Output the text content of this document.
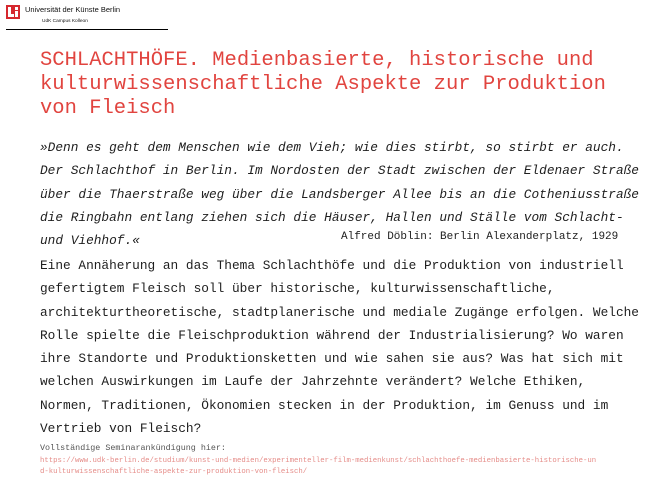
Universität der Künste Berlin
UdK Campus Kolleon
SCHLACHTHÖFE. Medienbasierte, historische und kulturwissenschaftliche Aspekte zur Produktion von Fleisch
»Denn es geht dem Menschen wie dem Vieh; wie dies stirbt, so stirbt er auch. Der Schlachthof in Berlin. Im Nordosten der Stadt zwischen der Eldenaer Straße über die Thaerstraße weg über die Landsberger Allee bis an die Cotheniusstraße die Ringbahn entlang ziehen sich die Häuser, Hallen und Ställe vom Schlacht- und Viehhof.«	Alfred Döblin: Berlin Alexanderplatz, 1929

Eine Annäherung an das Thema Schlachthöfe und die Produktion von industriell gefertigtem Fleisch soll über historische, kulturwissenschaftliche, architekturtheoretische, stadtplanerische und mediale Zugänge erfolgen. Welche Rolle spielte die Fleischproduktion während der Industrialisierung? Wo waren ihre Standorte und Produktionsketten und wie sahen sie aus? Was hat sich mit welchen Auswirkungen im Laufe der Jahrzehnte verändert? Welche Ethiken, Normen, Traditionen, Ökonomien stecken in der Produktion, im Genuss und im Vertrieb von Fleisch?

Vollständige Seminarankündigung hier:
https://www.udk-berlin.de/studium/kunst-und-medien/experimenteller-film-medienkunst/schlachthoefe-medienbasierte-historische-und-kulturwissenschaftliche-aspekte-zur-produktion-von-fleisch/
